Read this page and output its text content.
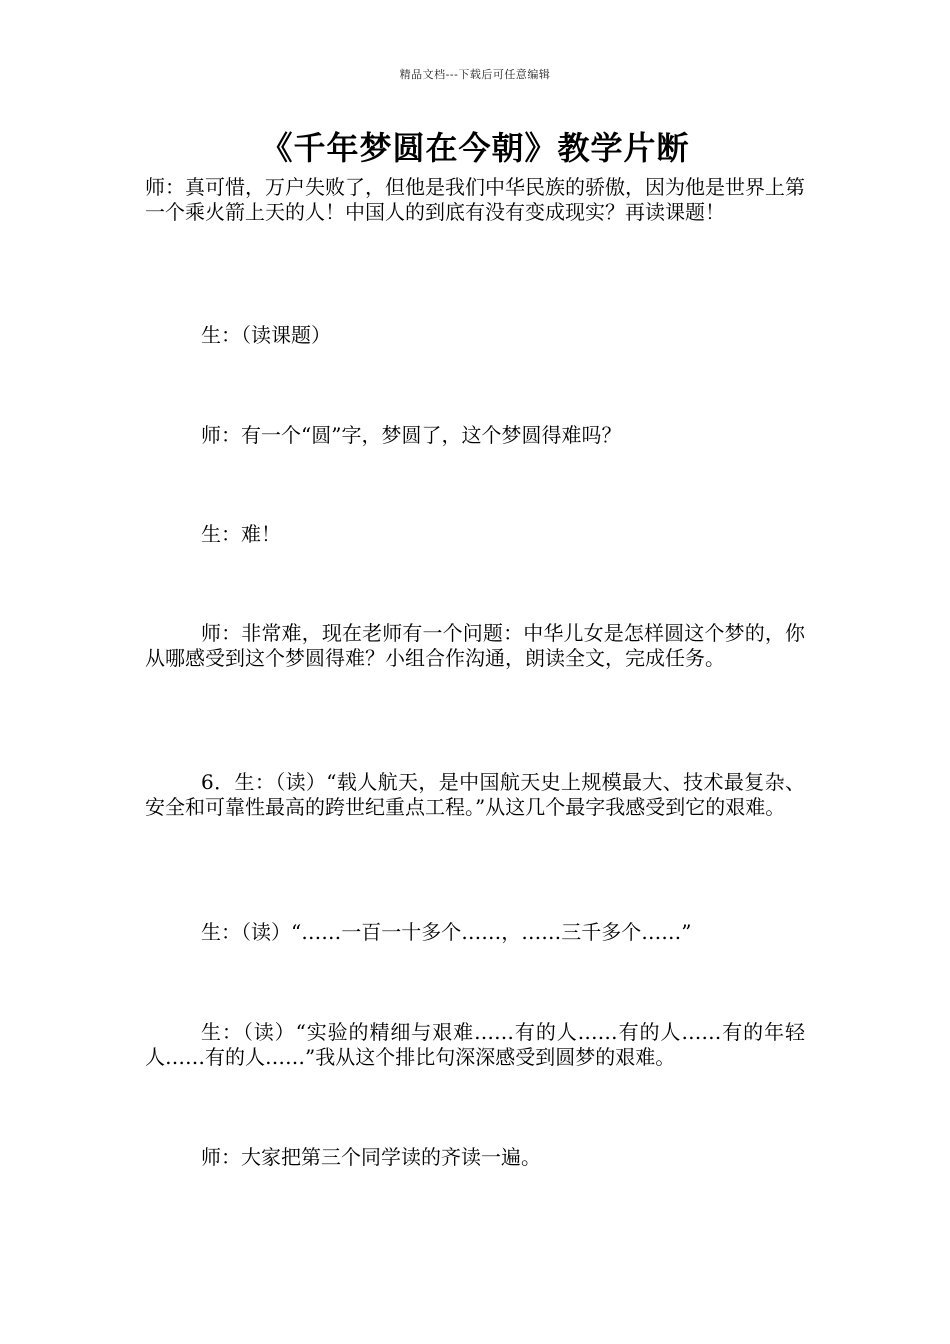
精品文档---下载后可任意编辑
《千年梦圆在今朝》教学片断

师：真可惜，万户失败了，但他是我们中华民族的骄傲，因为他是世界上第一个乘火箭上天的人！中国人的到底有没有变成现实？再读课题！

生：（读课题）

师：有一个“圆”字，梦圆了，这个梦圆得难吗？

生：难！

师：非常难，现在老师有一个问题：中华儿女是怎样圆这个梦的，你从哪感受到这个梦圆得难？小组合作沟通，朗读全文，完成任务。

6．生：（读）“载人航天，是中国航天史上规模最大、技术最复杂、安全和可靠性最高的跨世纪重点工程。”从这几个最字我感受到它的艰难。

生：（读）“……一百一十多个……，……三千多个……”

生：（读）“实验的精细与艰难……有的人……有的人……有的年轻人……有的人……”我从这个排比句深深感受到圆梦的艰难。

师：大家把第三个同学读的齐读一遍。
